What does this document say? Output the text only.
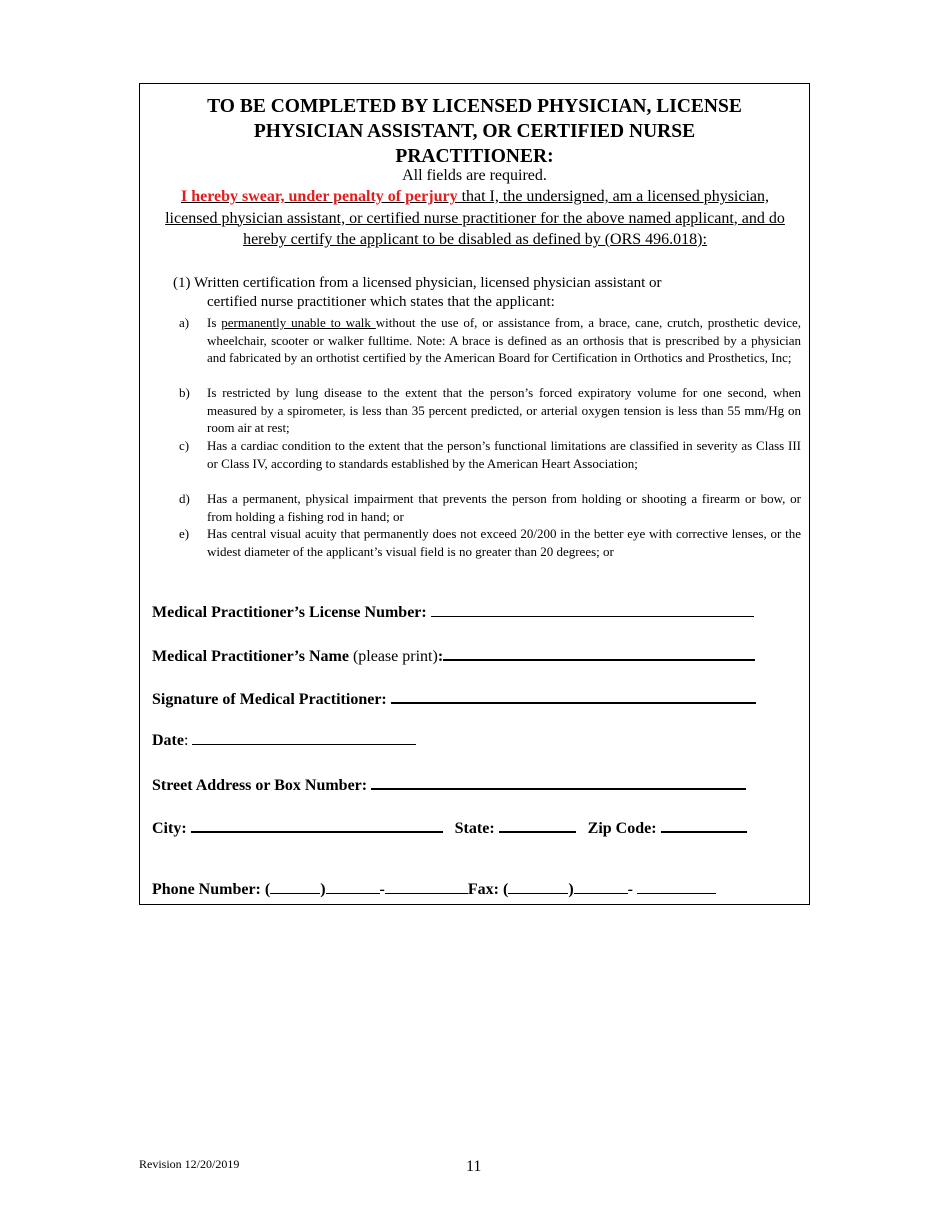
TO BE COMPLETED BY LICENSED PHYSICIAN, LICENSE
PHYSICIAN ASSISTANT, OR CERTIFIED NURSE
PRACTITIONER:
All fields are required.
I hereby swear, under penalty of perjury that I, the undersigned, am a licensed physician, licensed physician assistant, or certified nurse practitioner for the above named applicant, and do hereby certify the applicant to be disabled as defined by (ORS 496.018):
(1) Written certification from a licensed physician, licensed physician assistant or
certified nurse practitioner which states that the applicant:
a)	Is permanently unable to walk without the use of, or assistance from, a brace, cane, crutch, prosthetic device, wheelchair, scooter or walker fulltime. Note: A brace is defined as an orthosis that is prescribed by a physician and fabricated by an orthotist certified by the American Board for Certification in Orthotics and Prosthetics, Inc;
b)	Is restricted by lung disease to the extent that the person’s forced expiratory volume for one second, when measured by a spirometer, is less than 35 percent predicted, or arterial oxygen tension is less than 55 mm/Hg on room air at rest;
c)	Has a cardiac condition to the extent that the person’s functional limitations are classified in severity as Class III or Class IV, according to standards established by the American Heart Association;
d)	Has a permanent, physical impairment that prevents the person from holding or shooting a firearm or bow, or from holding a fishing rod in hand; or
e)	Has central visual acuity that permanently does not exceed 20/200 in the better eye with corrective lenses, or the widest diameter of the applicant’s visual field is no greater than 20 degrees; or
Medical Practitioner’s License Number:
Medical Practitioner’s Name (please print):
Signature of Medical Practitioner:
Date:
Street Address or Box Number:
City:	State:	Zip Code:
Phone Number: (	)	-	Fax: (	)	-
Revision 12/20/2019	11
